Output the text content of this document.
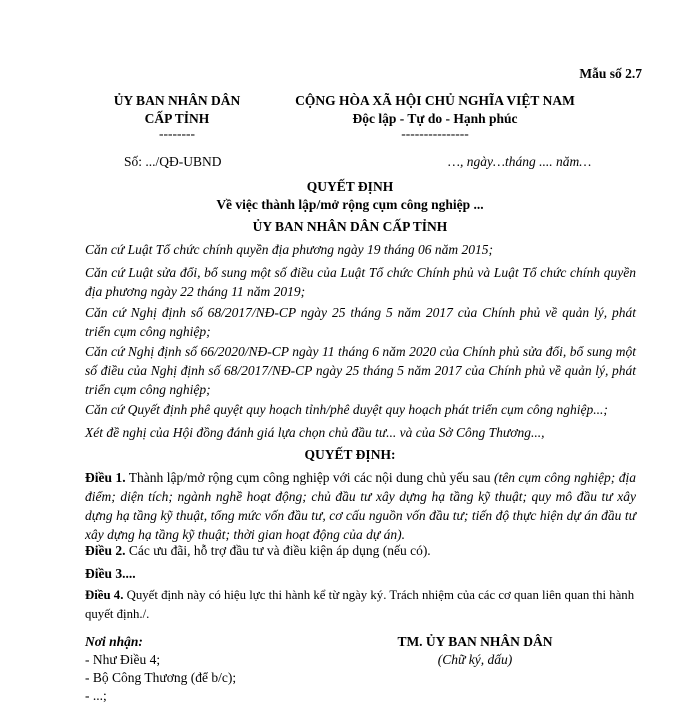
Mẫu số 2.7
ỦY BAN NHÂN DÂN
CẤP TỈNH
--------
CỘNG HÒA XÃ HỘI CHỦ NGHĨA VIỆT NAM
Độc lập - Tự do - Hạnh phúc
---------------
Số: .../QĐ-UBND	…, ngày…tháng .... năm…
QUYẾT ĐỊNH
Về việc thành lập/mở rộng cụm công nghiệp ...
ỦY BAN NHÂN DÂN CẤP TỈNH
Căn cứ Luật Tổ chức chính quyền địa phương ngày 19 tháng 06 năm 2015;
Căn cứ Luật sửa đổi, bổ sung một số điều của Luật Tổ chức Chính phủ và Luật Tổ chức chính quyền địa phương ngày 22 tháng 11 năm 2019;
Căn cứ Nghị định số 68/2017/NĐ-CP ngày 25 tháng 5 năm 2017 của Chính phủ về quản lý, phát triển cụm công nghiệp;
Căn cứ Nghị định số 66/2020/NĐ-CP ngày 11 tháng 6 năm 2020 của Chính phủ sửa đổi, bổ sung một số điều của Nghị định số 68/2017/NĐ-CP ngày 25 tháng 5 năm 2017 của Chính phủ về quản lý, phát triển cụm công nghiệp;
Căn cứ Quyết định phê quyệt quy hoạch tỉnh/phê duyệt quy hoạch phát triển cụm công nghiệp...;
Xét đề nghị của Hội đồng đánh giá lựa chọn chủ đầu tư... và của Sở Công Thương...,
QUYẾT ĐỊNH:
Điều 1. Thành lập/mở rộng cụm công nghiệp với các nội dung chủ yếu sau (tên cụm công nghiệp; địa điểm; diện tích; ngành nghề hoạt động; chủ đầu tư xây dựng hạ tầng kỹ thuật; quy mô đầu tư xây dựng hạ tầng kỹ thuật, tổng mức vốn đầu tư, cơ cấu nguồn vốn đầu tư; tiến độ thực hiện dự án đầu tư xây dựng hạ tầng kỹ thuật; thời gian hoạt động của dự án).
Điều 2. Các ưu đãi, hỗ trợ đầu tư và điều kiện áp dụng (nếu có).
Điều 3....
Điều 4. Quyết định này có hiệu lực thi hành kể từ ngày ký. Trách nhiệm của các cơ quan liên quan thi hành quyết định./.
Nơi nhận:
- Như Điều 4;
- Bộ Công Thương (để b/c);
- ...;
TM. ỦY BAN NHÂN DÂN
(Chữ ký, dấu)
